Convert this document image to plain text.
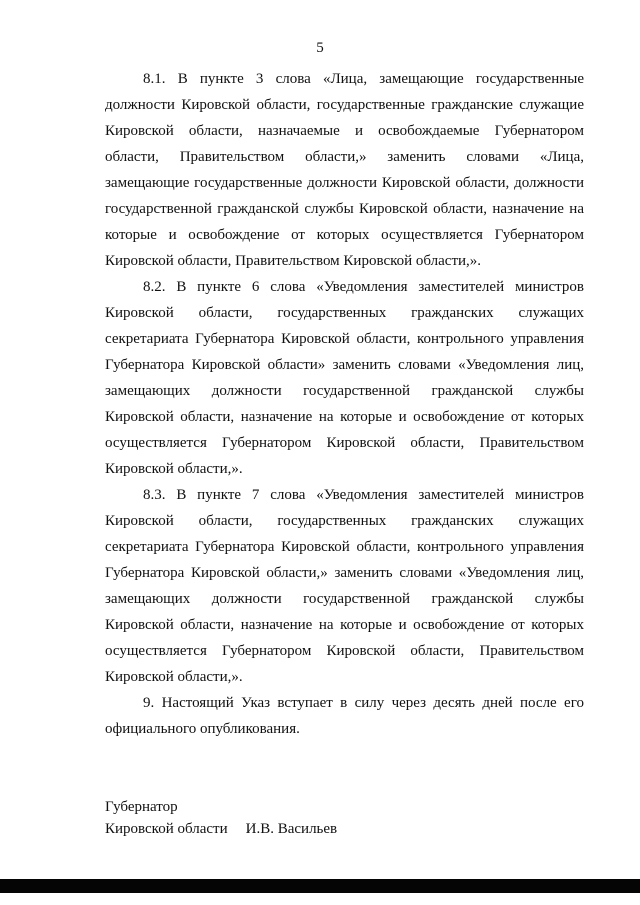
5

8.1. В пункте 3 слова «Лица, замещающие государственные должности Кировской области, государственные гражданские служащие Кировской области, назначаемые и освобождаемые Губернатором области, Правительством области,» заменить словами «Лица, замещающие государственные должности Кировской области, должности государственной гражданской службы Кировской области, назначение на которые и освобождение от которых осуществляется Губернатором Кировской области, Правительством Кировской области,».

8.2. В пункте 6 слова «Уведомления заместителей министров Кировской области, государственных гражданских служащих секретариата Губернатора Кировской области, контрольного управления Губернатора Кировской области» заменить словами «Уведомления лиц, замещающих должности государственной гражданской службы Кировской области, назначение на которые и освобождение от которых осуществляется Губернатором Кировской области, Правительством Кировской области,».

8.3. В пункте 7 слова «Уведомления заместителей министров Кировской области, государственных гражданских служащих секретариата Губернатора Кировской области, контрольного управления Губернатора Кировской области,» заменить словами «Уведомления лиц, замещающих должности государственной гражданской службы Кировской области, назначение на которые и освобождение от которых осуществляется Губернатором Кировской области, Правительством Кировской области,».

9. Настоящий Указ вступает в силу через десять дней после его официального опубликования.

Губернатор
Кировской области И.В. Васильев
